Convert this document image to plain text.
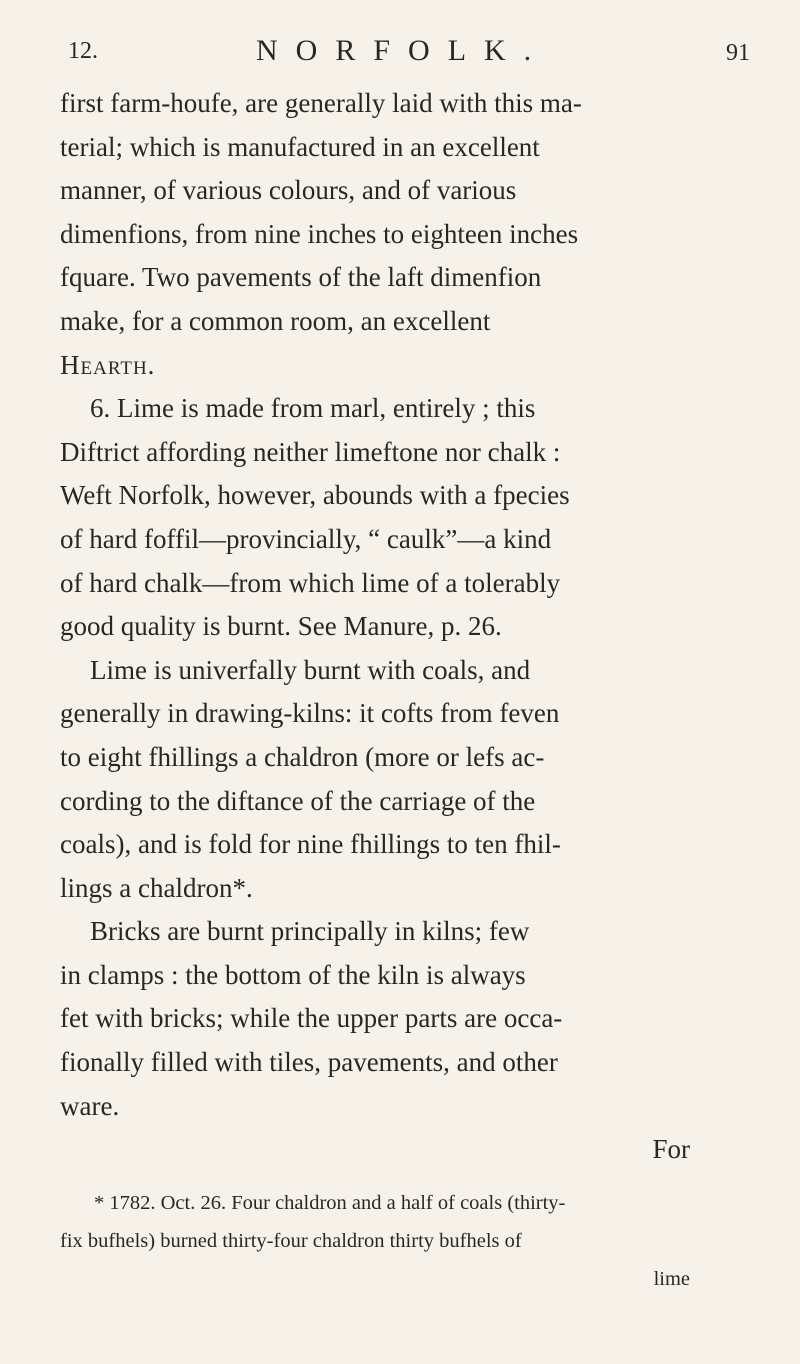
12.	NORFOLK.	91
first farm-houfe, are generally laid with this ma-
terial; which is manufactured in an excellent
manner, of various colours, and of various
dimenfions, from nine inches to eighteen inches
fquare. Two pavements of the laft dimenfion
make, for a common room, an excellent
Hearth.
6. Lime is made from marl, entirely ; this
Diftrict affording neither limeftone nor chalk :
Weft Norfolk, however, abounds with a fpecies
of hard foffil—provincially, “ caulk”—a kind
of hard chalk—from which lime of a tolerably
good quality is burnt. See Manure, p. 26.
Lime is univerfally burnt with coals, and
generally in drawing-kilns: it cofts from feven
to eight fhillings a chaldron (more or lefs ac-
cording to the diftance of the carriage of the
coals), and is fold for nine fhillings to ten fhil-
lings a chaldron*.
Bricks are burnt principally in kilns; few
in clamps : the bottom of the kiln is always
fet with bricks; while the upper parts are occa-
fionally filled with tiles, pavements, and other
ware.
For
* 1782. Oct. 26. Four chaldron and a half of coals (thirty-
fix bufhels) burned thirty-four chaldron thirty bufhels of
lime
